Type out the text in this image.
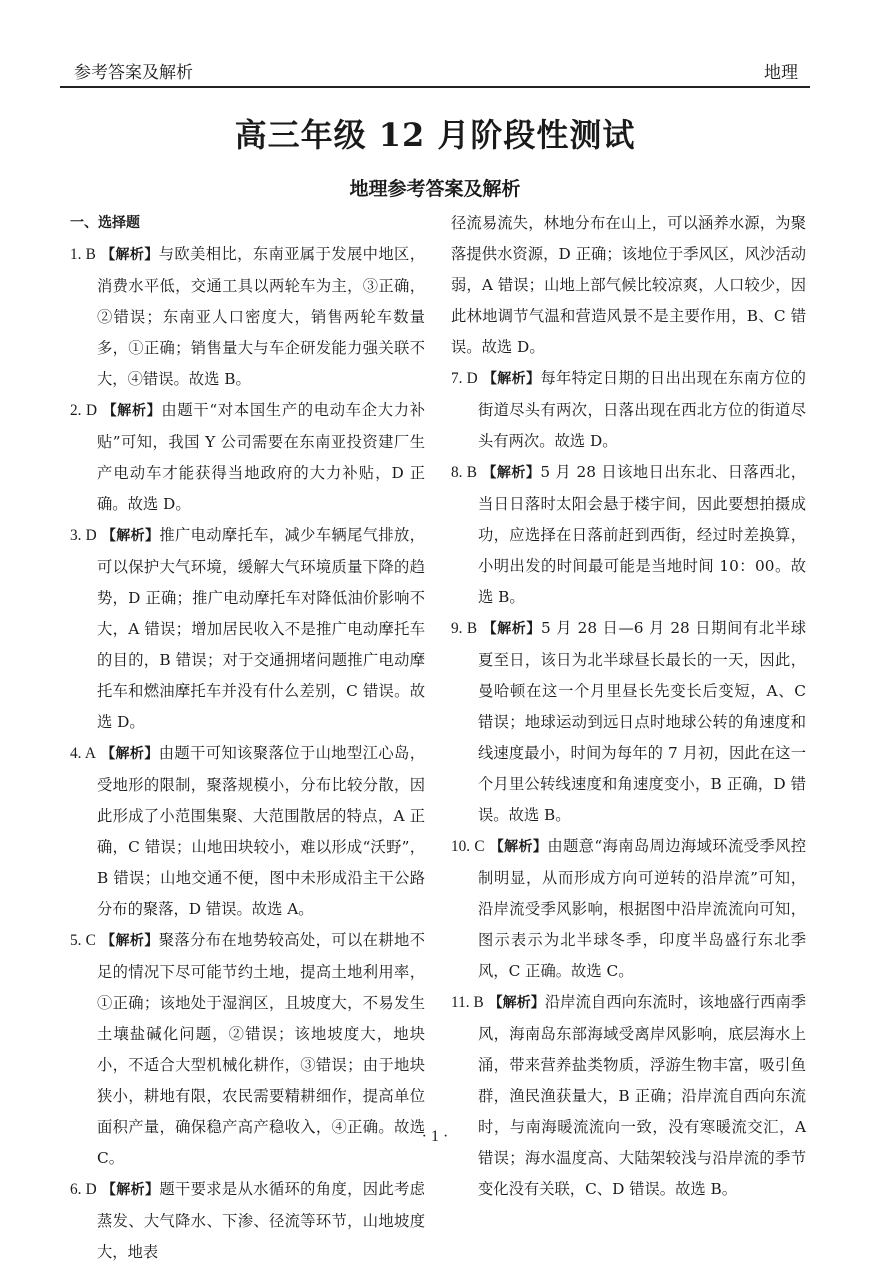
参考答案及解析	地理
高三年级 12 月阶段性测试
地理参考答案及解析
一、选择题

1. B 【解析】与欧美相比，东南亚属于发展中地区，消费水平低，交通工具以两轮车为主，③正确，②错误；东南亚人口密度大，销售两轮车数量多，①正确；销售量大与车企研发能力强关联不大，④错误。故选 B。

2. D 【解析】由题干“对本国生产的电动车企大力补贴”可知，我国 Y 公司需要在东南亚投资建厂生产电动车才能获得当地政府的大力补贴，D 正确。故选 D。

3. D 【解析】推广电动摩托车，减少车辆尾气排放，可以保护大气环境，缓解大气环境质量下降的趋势，D 正确；推广电动摩托车对降低油价影响不大，A 错误；增加居民收入不是推广电动摩托车的目的，B 错误；对于交通拥堵问题推广电动摩托车和燃油摩托车并没有什么差别，C 错误。故选 D。

4. A 【解析】由题干可知该聚落位于山地型江心岛，受地形的限制，聚落规模小，分布比较分散，因此形成了小范围集聚、大范围散居的特点，A 正确，C 错误；山地田块较小，难以形成“沃野”，B 错误；山地交通不便，图中未形成沿主干公路分布的聚落，D 错误。故选 A。

5. C 【解析】聚落分布在地势较高处，可以在耕地不足的情况下尽可能节约土地，提高土地利用率，①正确；该地处于湿润区，且坡度大，不易发生土壤盐碱化问题，②错误；该地坡度大，地块小，不适合大型机械化耕作，③错误；由于地块狭小，耕地有限，农民需要精耕细作，提高单位面积产量，确保稳产高产稳收入，④正确。故选 C。

6. D 【解析】题干要求是从水循环的角度，因此考虑蒸发、大气降水、下渗、径流等环节，山地坡度大，地表

径流易流失，林地分布在山上，可以涵养水源，为聚落提供水资源，D 正确；该地位于季风区，风沙活动弱，A 错误；山地上部气候比较凉爽，人口较少，因此林地调节气温和营造风景不是主要作用，B、C 错误。故选 D。

7. D 【解析】每年特定日期的日出出现在东南方位的街道尽头有两次，日落出现在西北方位的街道尽头有两次。故选 D。

8. B 【解析】5 月 28 日该地日出东北、日落西北，当日日落时太阳会悬于楼宇间，因此要想拍摄成功，应选择在日落前赶到西街，经过时差换算，小明出发的时间最可能是当地时间 10：00。故选 B。

9. B 【解析】5 月 28 日—6 月 28 日期间有北半球夏至日，该日为北半球昼长最长的一天，因此，曼哈顿在这一个月里昼长先变长后变短，A、C 错误；地球运动到远日点时地球公转的角速度和线速度最小，时间为每年的 7 月初，因此在这一个月里公转线速度和角速度变小，B 正确，D 错误。故选 B。

10. C 【解析】由题意“海南岛周边海域环流受季风控制明显，从而形成方向可逆转的沿岸流”可知，沿岸流受季风影响，根据图中沿岸流流向可知，图示表示为北半球冬季，印度半岛盛行东北季风，C 正确。故选 C。

11. B 【解析】沿岸流自西向东流时，该地盛行西南季风，海南岛东部海域受离岸风影响，底层海水上涌，带来营养盐类物质，浮游生物丰富，吸引鱼群，渔民渔获量大，B 正确；沿岸流自西向东流时，与南海暖流流向一致，没有寒暖流交汇，A 错误；海水温度高、大陆架较浅与沿岸流的季节变化没有关联，C、D 错误。故选 B。

· 1 ·
